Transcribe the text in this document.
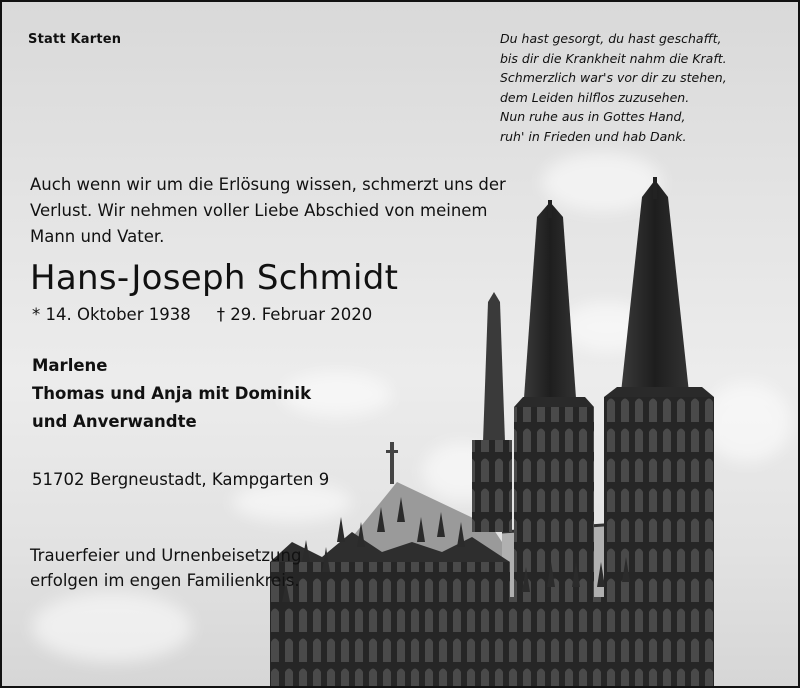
Statt Karten	Du hast gesorgt, du hast geschafft,
bis dir die Krankheit nahm die Kraft.
Schmerzlich war's vor dir zu stehen,
dem Leiden hilflos zuzusehen.
Nun ruhe aus in Gottes Hand,
ruh' in Frieden und hab Dank.
Auch wenn wir um die Erlösung wissen, schmerzt uns der Verlust. Wir nehmen voller Liebe Abschied von meinem Mann und Vater.
Hans-Joseph Schmidt
* 14. Oktober 1938 † 29. Februar 2020
Marlene
Thomas und Anja mit Dominik
und Anverwandte
51702 Bergneustadt, Kampgarten 9
Trauerfeier und Urnenbeisetzung
erfolgen im engen Familienkreis.
